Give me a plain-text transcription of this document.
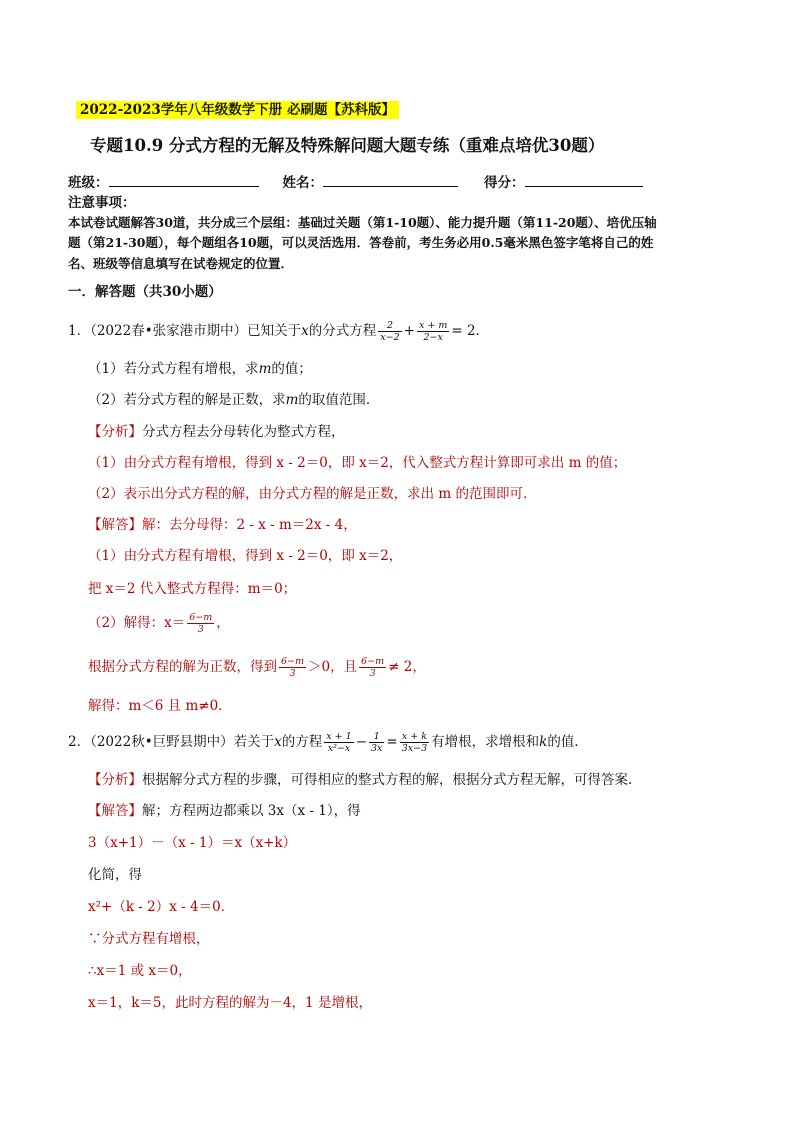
2022-2023学年八年级数学下册 必刷题【苏科版】
专题10.9 分式方程的无解及特殊解问题大题专练（重难点培优30题）
班级：	姓名：	得分：
注意事项：
本试卷试题解答30道，共分成三个层组：基础过关题（第1-10题）、能力提升题（第11-20题）、培优压轴
题（第21-30题），每个题组各10题，可以灵活选用．答卷前，考生务必用0.5毫米黑色签字笔将自己的姓
名、班级等信息填写在试卷规定的位置．
一．解答题（共30小题）
1．（2022春•张家港市期中）已知关于x的分式方程 $\frac{2}{x-2} + \frac{x + m}{2-x} = 2$．
（1）若分式方程有增根，求m的值；
（2）若分式方程的解是正数，求m的取值范围．
【分析】分式方程去分母转化为整式方程，
（1）由分式方程有增根，得到 x - 2＝0，即 x＝2，代入整式方程计算即可求出 m 的值；
（2）表示出分式方程的解，由分式方程的解是正数，求出 m 的范围即可．
【解答】解：去分母得：2 - x - m＝2x - 4，
（1）由分式方程有增根，得到 x - 2＝0，即 x＝2，
把 x＝2 代入整式方程得：m＝0；
（2）解得：$x= \frac{6-m}{3}$ ，
根据分式方程的解为正数，得到 $\frac{6-m}{3} >0$，且 $\frac{6-m}{3} \ne 2$，
解得：m＜6 且 m≠0．
2．（2022秋•巨野县期中）若关于x的方程 $\frac{x + 1}{\text{x²−x}} - \frac{1}{3x} = \frac{x + k}{3x-3}$ 有增根，求增根和k的值．
【分析】根据解分式方程的步骤，可得相应的整式方程的解，根据分式方程无解，可得答案．
【解答】解；方程两边都乘以 3x（x - 1），得
3（x+1）－（x - 1）＝x（x+k）
化简，得
x²+（k - 2）x - 4＝0．
∵分式方程有增根，
∴x＝1 或 x＝0，
x＝1，k＝5，此时方程的解为－4，1 是增根，
